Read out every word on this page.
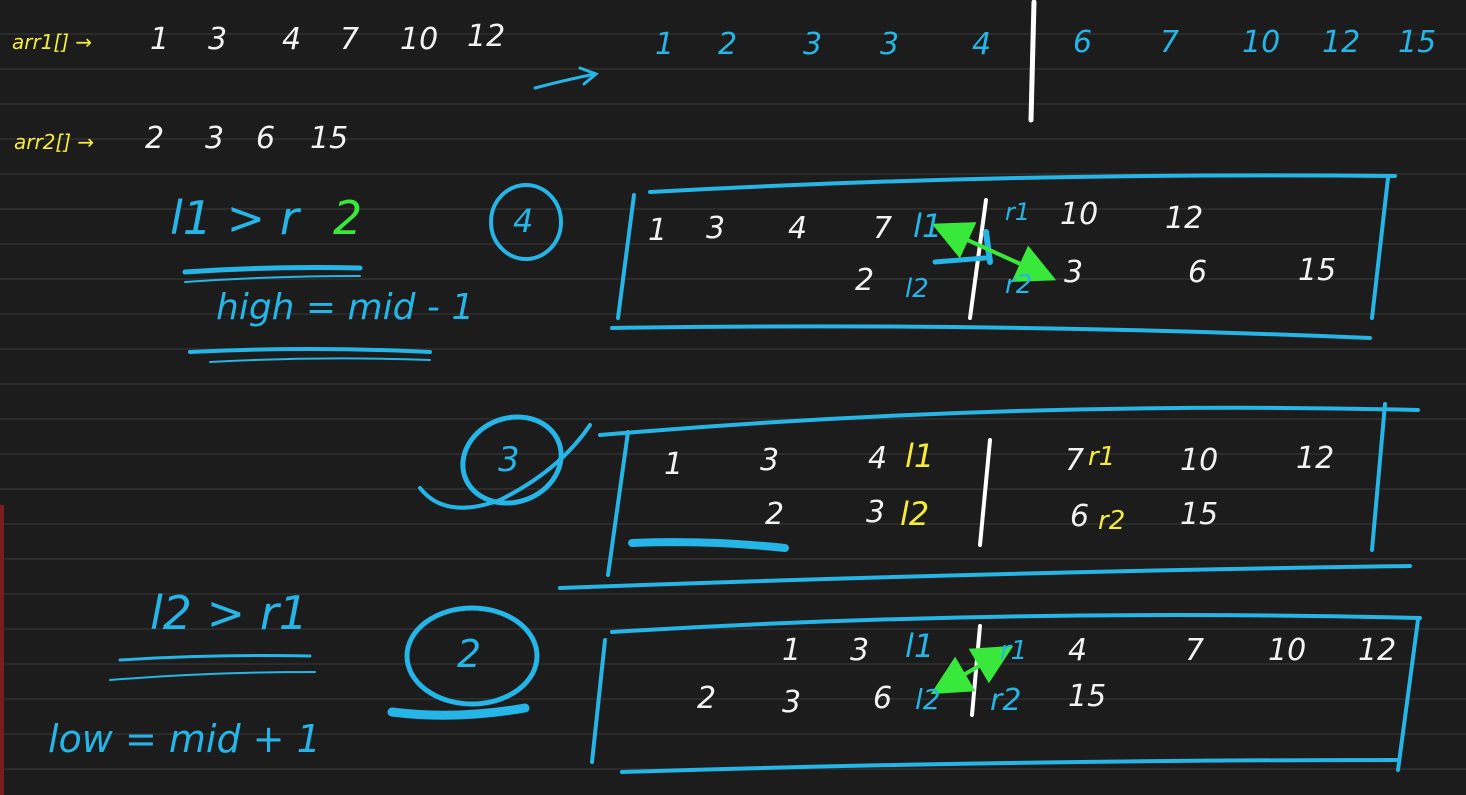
arr1[] → 1 3 4 7 10 12
arr2[] → 2 3 6 15
1 2 3 3 4	6 7 10 12 15
l1 > r 2
high = mid - 1
l2 > r1
low = mid + 1
4
3
2
1 3 4 7 l1	r1 10 12
2 l2	r2 3	6	15
1	3	4 l1	7 r1 10	12
2	3 l2	6 r2 15
1 3 l1	r1 4	7 10 12
2 3 6 l2 r2 15
